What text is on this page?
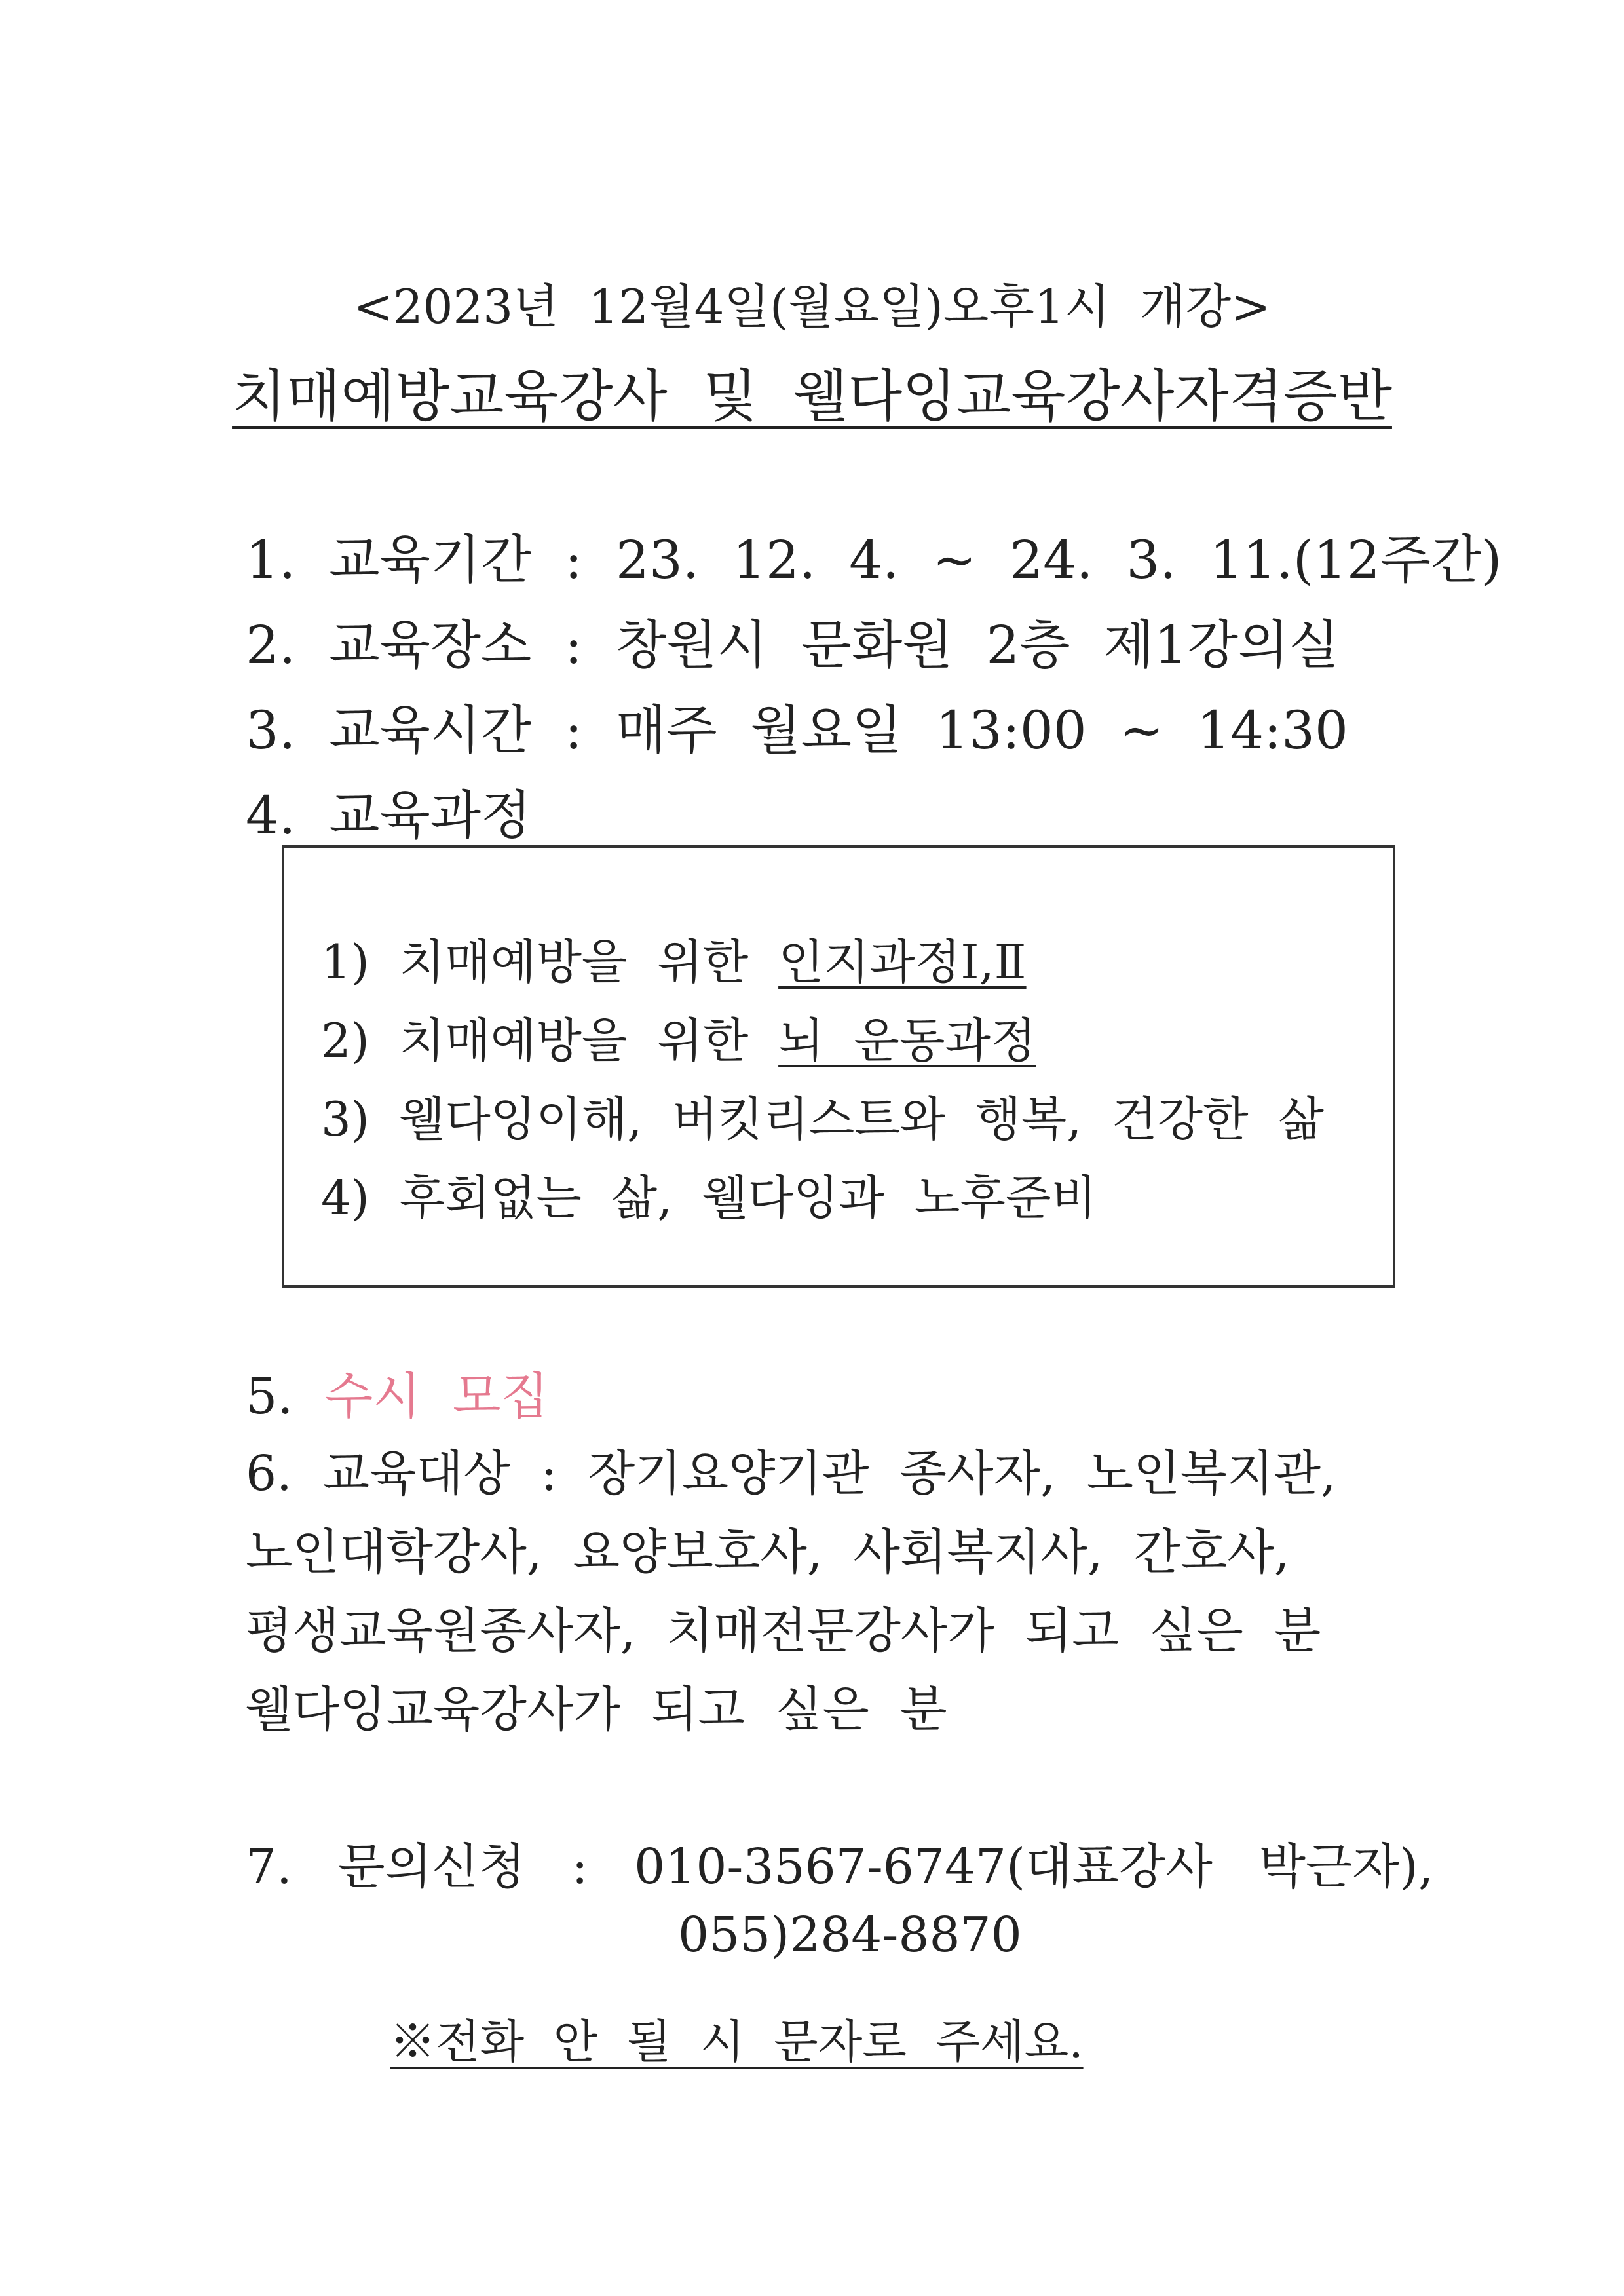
<2023년  12월4일(월요일)오후1시  개강>
치매예방교육강사  및  웰다잉교육강사자격증반
1.  교육기간  :  23.  12.  4.  ~  24.  3.  11.(12주간)
2.  교육장소  :  창원시  문화원  2층  제1강의실
3.  교육시간  :  매주  월요일  13:00  ~  14:30
4.  교육과정
1)  치매예방을  위한  인지과정Ⅰ,Ⅱ
2)  치매예방을  위한  뇌  운동과정
3)  웰다잉이해,  버킷리스트와  행복,  건강한  삶
4)  후회없는  삶,  웰다잉과  노후준비
5.  수시  모집
6.  교육대상  :  장기요양기관  종사자,  노인복지관,
노인대학강사,  요양보호사,  사회복지사,  간호사,
평생교육원종사자,  치매전문강사가  되고  싶은  분
웰다잉교육강사가  되고  싶은  분
7.   문의신청   :   010-3567-6747(대표강사   박근자),
055)284-8870
※전화  안  될  시  문자로  주세요.
